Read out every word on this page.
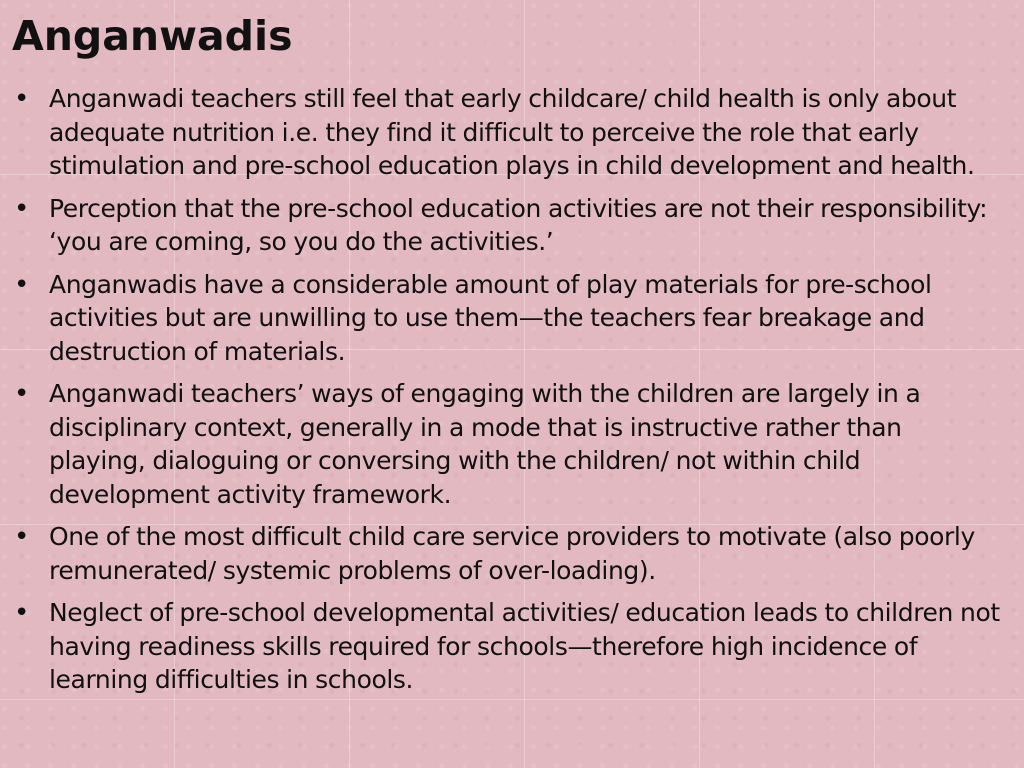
Anganwadis
• Anganwadi teachers still feel that early childcare/ child health is only about adequate nutrition i.e. they find it difficult to perceive the role that early stimulation and pre-school education plays in child development and health.
• Perception that the pre-school education activities are not their responsibility: ‘you are coming, so you do the activities.’
• Anganwadis have a considerable amount of play materials for pre-school activities but are unwilling to use them—the teachers fear breakage and destruction of materials.
• Anganwadi teachers’ ways of engaging with the children are largely in a disciplinary context, generally in a mode that is instructive rather than playing, dialoguing or conversing with the children/ not within child development activity framework.
• One of the most difficult child care service providers to motivate (also poorly remunerated/ systemic problems of over-loading).
• Neglect of pre-school developmental activities/ education leads to children not having readiness skills required for schools—therefore high incidence of learning difficulties in schools.
